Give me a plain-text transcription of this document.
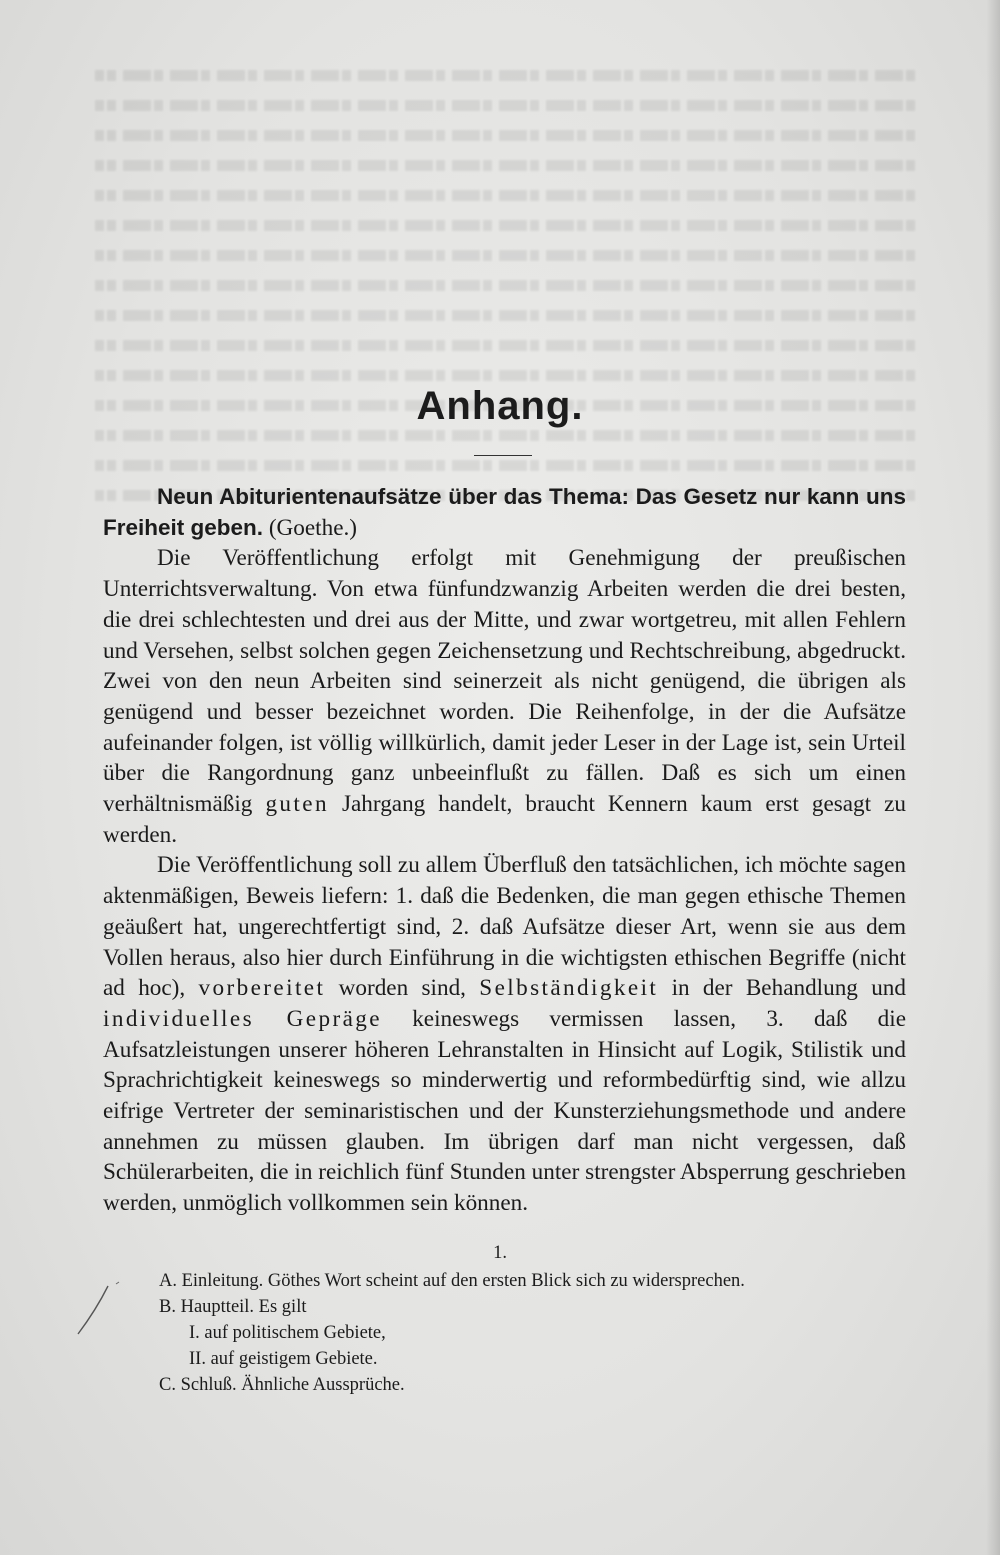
Anhang.

Neun Abiturientenaufsätze über das Thema: Das Gesetz nur kann uns Freiheit geben. (Goethe.)

Die Veröffentlichung erfolgt mit Genehmigung der preußischen Unterrichtsverwaltung. Von etwa fünfundzwanzig Arbeiten werden die drei besten, die drei schlechtesten und drei aus der Mitte, und zwar wortgetreu, mit allen Fehlern und Versehen, selbst solchen gegen Zeichensetzung und Rechtschreibung, abgedruckt. Zwei von den neun Arbeiten sind seinerzeit als nicht genügend, die übrigen als genügend und besser bezeichnet worden. Die Reihenfolge, in der die Aufsätze aufeinander folgen, ist völlig willkürlich, damit jeder Leser in der Lage ist, sein Urteil über die Rangordnung ganz unbeeinflußt zu fällen. Daß es sich um einen verhältnismäßig guten Jahrgang handelt, braucht Kennern kaum erst gesagt zu werden.

Die Veröffentlichung soll zu allem Überfluß den tatsächlichen, ich möchte sagen aktenmäßigen, Beweis liefern: 1. daß die Bedenken, die man gegen ethische Themen geäußert hat, ungerechtfertigt sind, 2. daß Aufsätze dieser Art, wenn sie aus dem Vollen heraus, also hier durch Einführung in die wichtigsten ethischen Begriffe (nicht ad hoc), vorbereitet worden sind, Selbständigkeit in der Behandlung und individuelles Gepräge keineswegs vermissen lassen, 3. daß die Aufsatzleistungen unserer höheren Lehranstalten in Hinsicht auf Logik, Stilistik und Sprachrichtigkeit keineswegs so minderwertig und reformbedürftig sind, wie allzu eifrige Vertreter der seminaristischen und der Kunsterziehungsmethode und andere annehmen zu müssen glauben. Im übrigen darf man nicht vergessen, daß Schülerarbeiten, die in reichlich fünf Stunden unter strengster Absperrung geschrieben werden, unmöglich vollkommen sein können.

1.
A. Einleitung. Göthes Wort scheint auf den ersten Blick sich zu widersprechen.
B. Hauptteil. Es gilt
I. auf politischem Gebiete,
II. auf geistigem Gebiete.
C. Schluß. Ähnliche Aussprüche.
